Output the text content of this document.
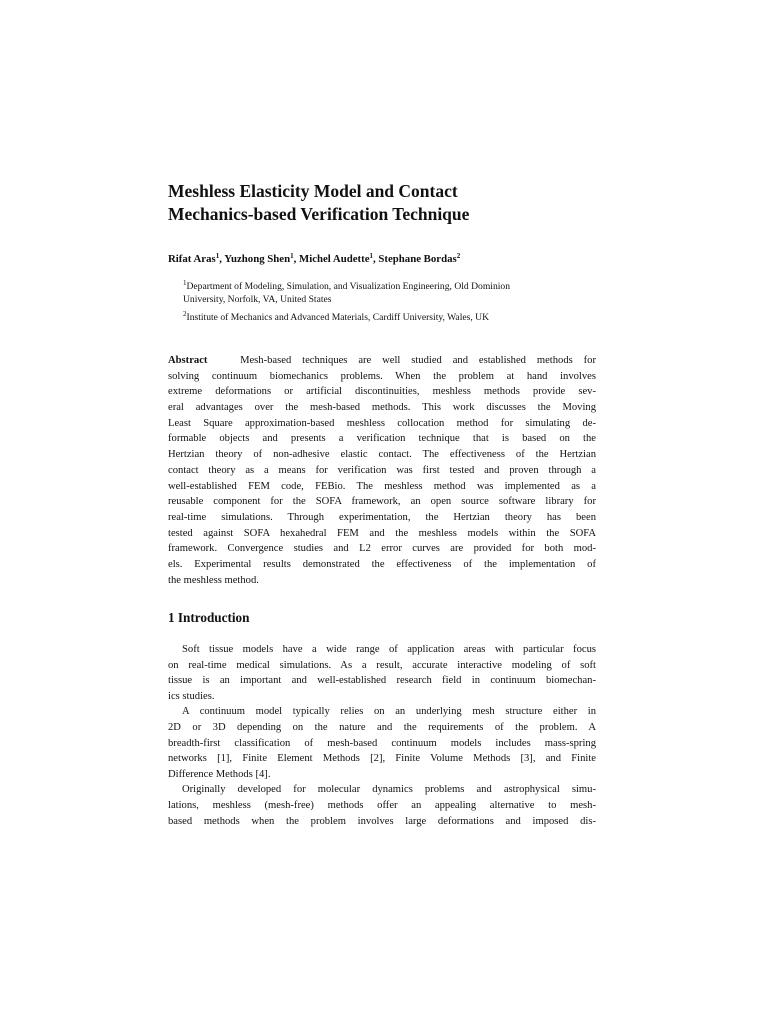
Meshless Elasticity Model and Contact
Mechanics-based Verification Technique
Rifat Aras$^1$, Yuzhong Shen$^1$, Michel Audette$^1$, Stephane Bordas$^2$
$^1$Department of Modeling, Simulation, and Visualization Engineering, Old Dominion
University, Norfolk, VA, United States
$^2$Institute of Mechanics and Advanced Materials, Cardiff University, Wales, UK
Abstract	Mesh-based techniques are well studied and established methods for
solving continuum biomechanics problems. When the problem at hand involves
extreme deformations or artificial discontinuities, meshless methods provide sev-
eral advantages over the mesh-based methods. This work discusses the Moving
Least Square approximation-based meshless collocation method for simulating de-
formable objects and presents a verification technique that is based on the
Hertzian theory of non-adhesive elastic contact. The effectiveness of the Hertzian
contact theory as a means for verification was first tested and proven through a
well-established FEM code, FEBio. The meshless method was implemented as a
reusable component for the SOFA framework, an open source software library for
real-time simulations. Through experimentation, the Hertzian theory has been
tested against SOFA hexahedral FEM and the meshless models within the SOFA
framework. Convergence studies and L2 error curves are provided for both mod-
els. Experimental results demonstrated the effectiveness of the implementation of
the meshless method.
1 Introduction
Soft tissue models have a wide range of application areas with particular focus
on real-time medical simulations. As a result, accurate interactive modeling of soft
tissue is an important and well-established research field in continuum biomechan-
ics studies.
A continuum model typically relies on an underlying mesh structure either in
2D or 3D depending on the nature and the requirements of the problem. A
breadth-first classification of mesh-based continuum models includes mass-spring
networks [1], Finite Element Methods [2], Finite Volume Methods [3], and Finite
Difference Methods [4].
Originally developed for molecular dynamics problems and astrophysical simu-
lations, meshless (mesh-free) methods offer an appealing alternative to mesh-
based methods when the problem involves large deformations and imposed dis-
